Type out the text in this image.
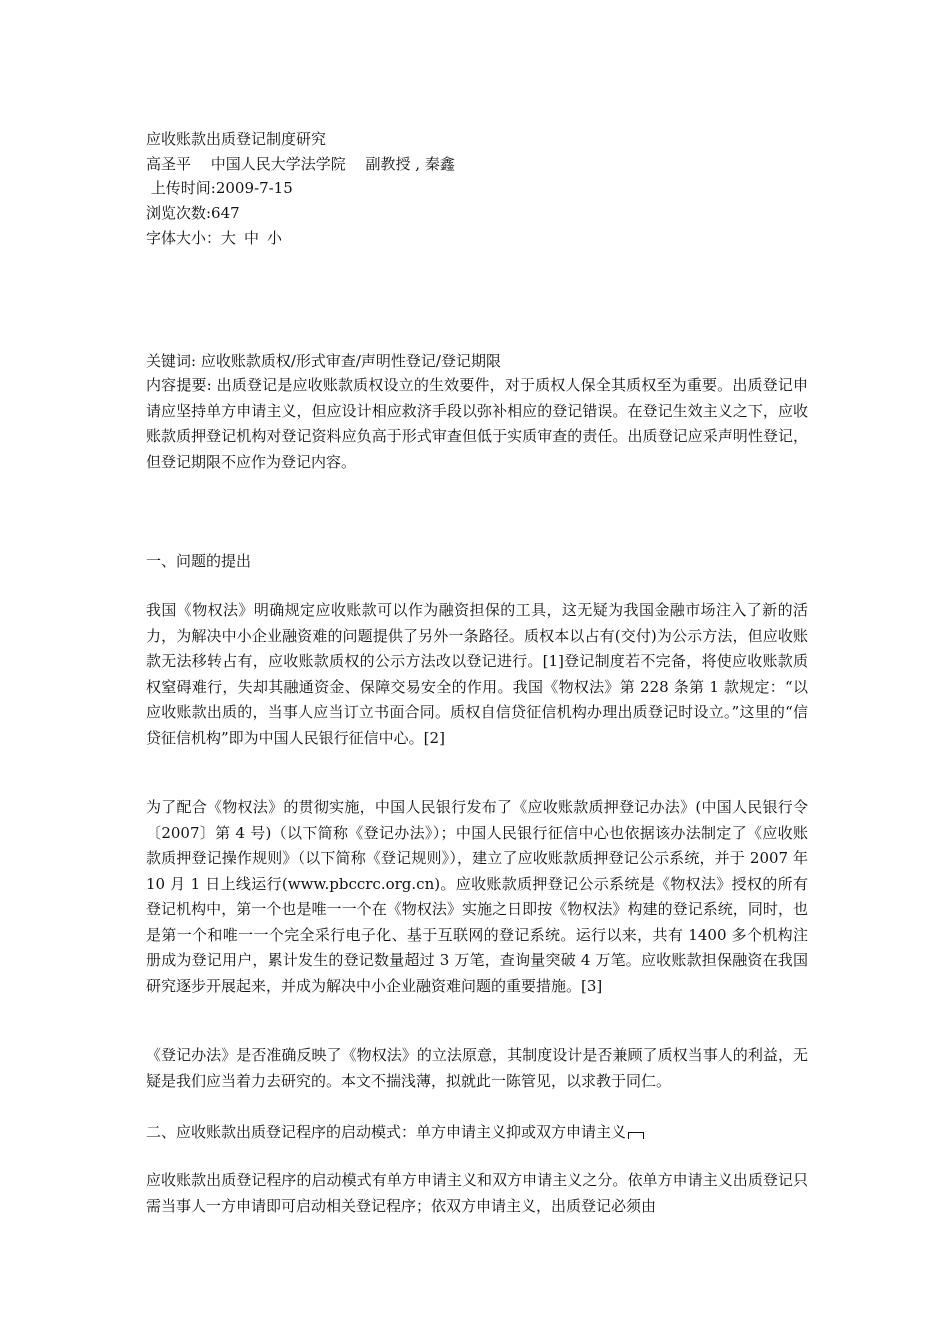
应收账款出质登记制度研究
高圣平　 中国人民大学法学院　 副教授 , 秦鑫
上传时间:2009-7-15
浏览次数:647
字体大小：大 中 小
关键词: 应收账款质权/形式审查/声明性登记/登记期限
内容提要: 出质登记是应收账款质权设立的生效要件，对于质权人保全其质权至为重要。出质登记申请应坚持单方申请主义，但应设计相应救济手段以弥补相应的登记错误。在登记生效主义之下，应收账款质押登记机构对登记资料应负高于形式审查但低于实质审查的责任。出质登记应采声明性登记，但登记期限不应作为登记内容。
一、问题的提出
我国《物权法》明确规定应收账款可以作为融资担保的工具，这无疑为我国金融市场注入了新的活力，为解决中小企业融资难的问题提供了另外一条路径。质权本以占有(交付)为公示方法，但应收账款无法移转占有，应收账款质权的公示方法改以登记进行。[1]登记制度若不完备，将使应收账款质权窒碍难行，失却其融通资金、保障交易安全的作用。我国《物权法》第 228 条第 1 款规定：“以应收账款出质的，当事人应当订立书面合同。质权自信贷征信机构办理出质登记时设立。”这里的“信贷征信机构”即为中国人民银行征信中心。[2]
为了配合《物权法》的贯彻实施，中国人民银行发布了《应收账款质押登记办法》(中国人民银行令〔2007〕第 4 号)（以下简称《登记办法》）；中国人民银行征信中心也依据该办法制定了《应收账款质押登记操作规则》（以下简称《登记规则》），建立了应收账款质押登记公示系统，并于 2007 年 10 月 1 日上线运行(www.pbccrc.org.cn)。应收账款质押登记公示系统是《物权法》授权的所有登记机构中，第一个也是唯一一个在《物权法》实施之日即按《物权法》构建的登记系统，同时，也是第一个和唯一一个完全采行电子化、基于互联网的登记系统。运行以来，共有 1400 多个机构注册成为登记用户，累计发生的登记数量超过 3 万笔，查询量突破 4 万笔。应收账款担保融资在我国研究逐步开展起来，并成为解决中小企业融资难问题的重要措施。[3]
《登记办法》是否准确反映了《物权法》的立法原意，其制度设计是否兼顾了质权当事人的利益，无疑是我们应当着力去研究的。本文不揣浅薄，拟就此一陈管见，以求教于同仁。
二、应收账款出质登记程序的启动模式：单方申请主义抑或双方申请主义
应收账款出质登记程序的启动模式有单方申请主义和双方申请主义之分。依单方申请主义出质登记只需当事人一方申请即可启动相关登记程序；依双方申请主义，出质登记必须由
